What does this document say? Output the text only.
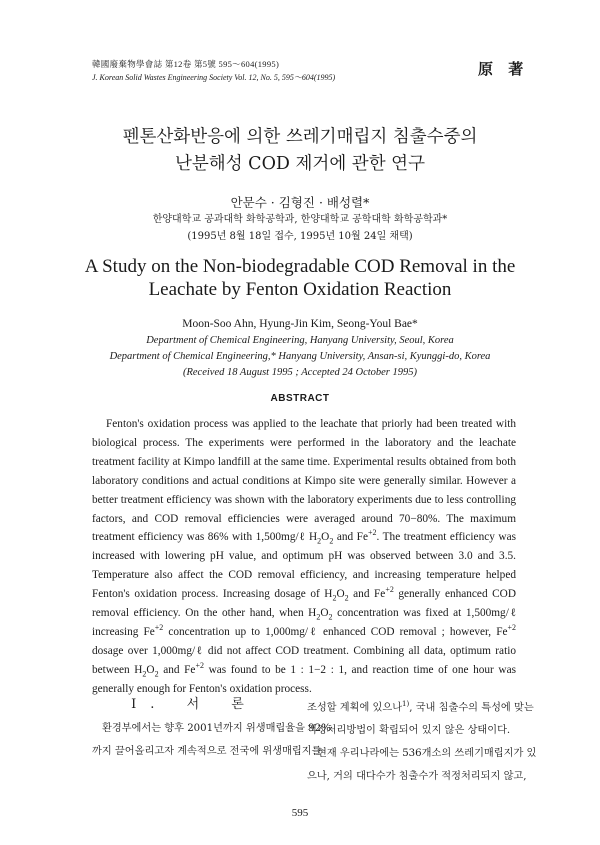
韓國廢棄物學會誌 第12卷 第5號 595～604(1995)
J. Korean Solid Wastes Engineering Society Vol. 12, No. 5, 595～604(1995)	原 著
펜톤산화반응에 의한 쓰레기매립지 침출수중의
난분해성 COD 제거에 관한 연구
안문수 · 김형진 · 배성렬*
한양대학교 공과대학 화학공학과, 한양대학교 공학대학 화학공학과*
(1995년 8월 18일 접수, 1995년 10월 24일 채택)
A Study on the Non-biodegradable COD Removal in the
Leachate by Fenton Oxidation Reaction
Moon-Soo Ahn, Hyung-Jin Kim, Seong-Youl Bae*
Department of Chemical Engineering, Hanyang University, Seoul, Korea
Department of Chemical Engineering,* Hanyang University, Ansan-si, Kyunggi-do, Korea
(Received 18 August 1995 ; Accepted 24 October 1995)
ABSTRACT

Fenton's oxidation process was applied to the leachate that priorly had been treated with biological process. The experiments were performed in the laboratory and the leachate treatment facility at Kimpo landfill at the same time. Experimental results obtained from both laboratory conditions and actual conditions at Kimpo site were generally similar. However a better treatment efficiency was shown with the laboratory experiments due to less controlling factors, and COD removal efficiencies were averaged around 70−80%. The maximum treatment efficiency was 86% with 1,500mg/ℓ $H_2O_2$ and $Fe^{+2}$. The treatment efficiency was increased with lowering pH value, and optimum pH was observed between 3.0 and 3.5. Temperature also affect the COD removal efficiency, and increasing temperature helped Fenton's oxidation process. Increasing dosage of $H_2O_2$ and $Fe^{+2}$ generally enhanced COD removal efficiency. On the other hand, when $H_2O_2$ concentration was fixed at 1,500mg/ℓ increasing $Fe^{+2}$ concentration up to 1,000mg/ℓ enhanced COD removal ; however, $Fe^{+2}$ dosage over 1,000mg/ℓ did not affect COD treatment. Combining all data, optimum ratio between $H_2O_2$ and $Fe^{+2}$ was found to be 1 : 1−2 : 1, and reaction time of one hour was generally enough for Fenton's oxidation process.

Ⅰ. 서 론
환경부에서는 향후 2001년까지 위생매립율을 92%
까지 끌어올리고자 계속적으로 전국에 위생매립지를
조성할 계획에 있으나$^{1)}$, 국내 침출수의 특성에 맞는
적정처리방법이 확립되어 있지 않은 상태이다.
현재 우리나라에는 536개소의 쓰레기매립지가 있
으나, 거의 대다수가 침출수가 적정처리되지 않고,
595
